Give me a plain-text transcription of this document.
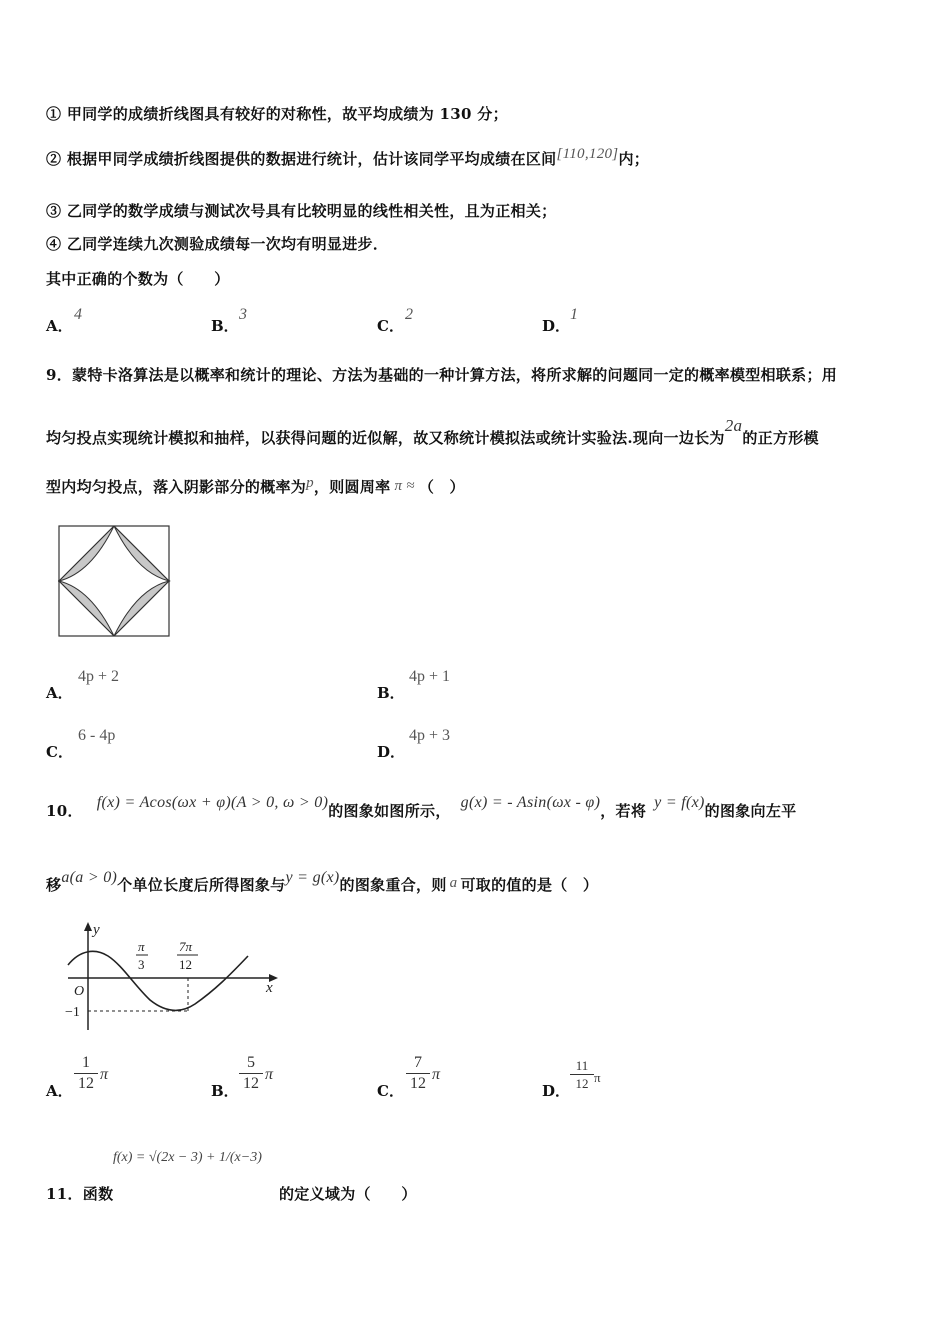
① 甲同学的成绩折线图具有较好的对称性，故平均成绩为 130 分；
② 根据甲同学成绩折线图提供的数据进行统计，估计该同学平均成绩在区间[110,120]内；
③ 乙同学的数学成绩与测试次号具有比较明显的线性相关性，且为正相关；
④ 乙同学连续九次测验成绩每一次均有明显进步．
其中正确的个数为（　　）
A．
4
B．
3
C．
2
D．
1
9．蒙特卡洛算法是以概率和统计的理论、方法为基础的一种计算方法，将所求解的问题同一定的概率模型相联系；用
均匀投点实现统计模拟和抽样，以获得问题的近似解，故又称统计模拟法或统计实验法.现向一边长为2a的正方形模
型内均匀投点，落入阴影部分的概率为p，则圆周率 π ≈ （　）
A．
4p + 2
B．
4p + 1
C．
6 - 4p
D．
4p + 3
10． f(x) = Acos(ωx + φ)(A > 0, ω > 0)的图象如图所示， g(x) = - Asin(ωx - φ)，若将 y = f(x)的图象向左平
移a(a > 0)个单位长度后所得图象与y = g(x)的图象重合，则 a 可取的值的是（　）
y
x
O
π
3
7π
12
−1
A．
1
12
π
B．
5
12
π
C．
7
12
π
D．
11
12 π
f(x) = √(2x − 3) + 1/(x−3)
11．函数	的定义域为（　　）
